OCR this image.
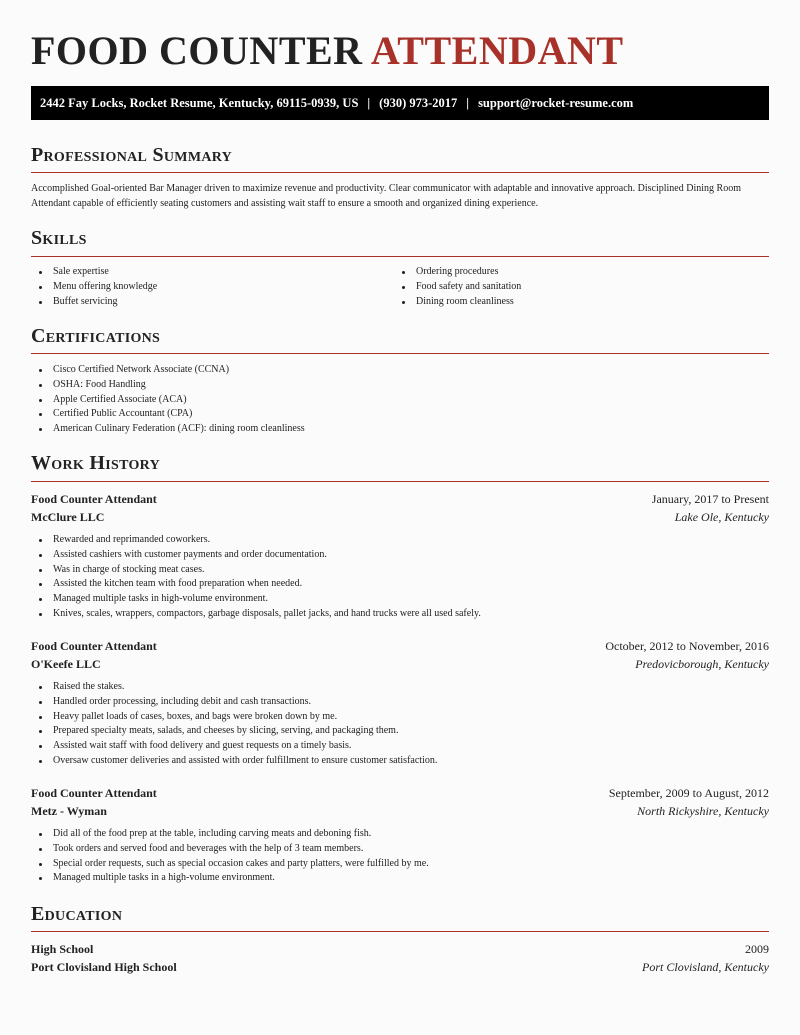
FOOD COUNTER ATTENDANT
2442 Fay Locks, Rocket Resume, Kentucky, 69115-0939, US | (930) 973-2017 | support@rocket-resume.com
Professional Summary
Accomplished Goal-oriented Bar Manager driven to maximize revenue and productivity. Clear communicator with adaptable and innovative approach. Disciplined Dining Room Attendant capable of efficiently seating customers and assisting wait staff to ensure a smooth and organized dining experience.
Skills
Sale expertise
Menu offering knowledge
Buffet servicing
Ordering procedures
Food safety and sanitation
Dining room cleanliness
Certifications
Cisco Certified Network Associate (CCNA)
OSHA: Food Handling
Apple Certified Associate (ACA)
Certified Public Accountant (CPA)
American Culinary Federation (ACF): dining room cleanliness
Work History
Food Counter Attendant	January, 2017 to Present
McClure LLC	Lake Ole, Kentucky
Rewarded and reprimanded coworkers.
Assisted cashiers with customer payments and order documentation.
Was in charge of stocking meat cases.
Assisted the kitchen team with food preparation when needed.
Managed multiple tasks in high-volume environment.
Knives, scales, wrappers, compactors, garbage disposals, pallet jacks, and hand trucks were all used safely.
Food Counter Attendant	October, 2012 to November, 2016
O'Keefe LLC	Predovicborough, Kentucky
Raised the stakes.
Handled order processing, including debit and cash transactions.
Heavy pallet loads of cases, boxes, and bags were broken down by me.
Prepared specialty meats, salads, and cheeses by slicing, serving, and packaging them.
Assisted wait staff with food delivery and guest requests on a timely basis.
Oversaw customer deliveries and assisted with order fulfillment to ensure customer satisfaction.
Food Counter Attendant	September, 2009 to August, 2012
Metz - Wyman	North Rickyshire, Kentucky
Did all of the food prep at the table, including carving meats and deboning fish.
Took orders and served food and beverages with the help of 3 team members.
Special order requests, such as special occasion cakes and party platters, were fulfilled by me.
Managed multiple tasks in a high-volume environment.
Education
High School	2009
Port Clovisland High School	Port Clovisland, Kentucky
